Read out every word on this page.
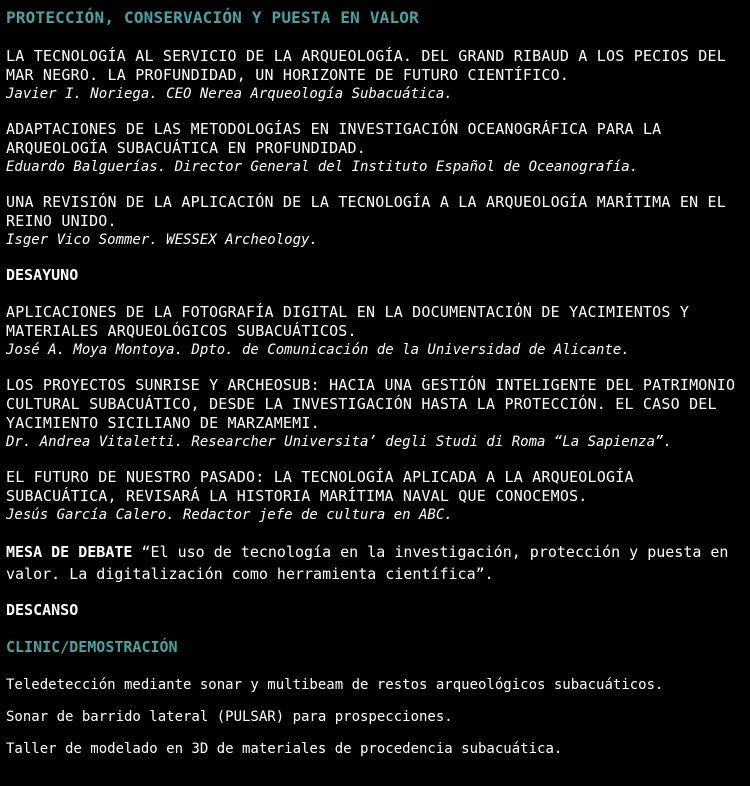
PROTECCIÓN, CONSERVACIÓN Y PUESTA EN VALOR
LA TECNOLOGÍA AL SERVICIO DE LA ARQUEOLOGÍA. DEL GRAND RIBAUD A LOS PECIOS DEL MAR NEGRO. LA PROFUNDIDAD, UN HORIZONTE DE FUTURO CIENTÍFICO.
Javier I. Noriega. CEO Nerea Arqueología Subacuática.
ADAPTACIONES DE LAS METODOLOGÍAS EN INVESTIGACIÓN OCEANOGRÁFICA PARA LA ARQUEOLOGÍA SUBACUÁTICA EN PROFUNDIDAD.
Eduardo Balguerías. Director General del Instituto Español de Oceanografía.
UNA REVISIÓN DE LA APLICACIÓN DE LA TECNOLOGÍA A LA ARQUEOLOGÍA MARÍTIMA EN EL REINO UNIDO.
Isger Vico Sommer. WESSEX Archeology.
DESAYUNO
APLICACIONES DE LA FOTOGRAFÍA DIGITAL EN LA DOCUMENTACIÓN DE YACIMIENTOS Y MATERIALES ARQUEOLÓGICOS SUBACUÁTICOS.
José A. Moya Montoya. Dpto. de Comunicación de la Universidad de Alicante.
LOS PROYECTOS SUNRISE Y ARCHEOSUB: HACIA UNA GESTIÓN INTELIGENTE DEL PATRIMONIO CULTURAL SUBACUÁTICO, DESDE LA INVESTIGACIÓN HASTA LA PROTECCIÓN. EL CASO DEL YACIMIENTO SICILIANO DE MARZAMEMI.
Dr. Andrea Vitaletti. Researcher Universita’ degli Studi di Roma “La Sapienza”.
EL FUTURO DE NUESTRO PASADO: LA TECNOLOGÍA APLICADA A LA ARQUEOLOGÍA SUBACUÁTICA, REVISARÁ LA HISTORIA MARÍTIMA NAVAL QUE CONOCEMOS.
Jesús García Calero. Redactor jefe de cultura en ABC.
MESA DE DEBATE “El uso de tecnología en la investigación, protección y puesta en valor. La digitalización como herramienta científica”.
DESCANSO
CLINIC/DEMOSTRACIÓN
Teledetección mediante sonar y multibeam de restos arqueológicos subacuáticos.
Sonar de barrido lateral (PULSAR) para prospecciones.
Taller de modelado en 3D de materiales de procedencia subacuática.
